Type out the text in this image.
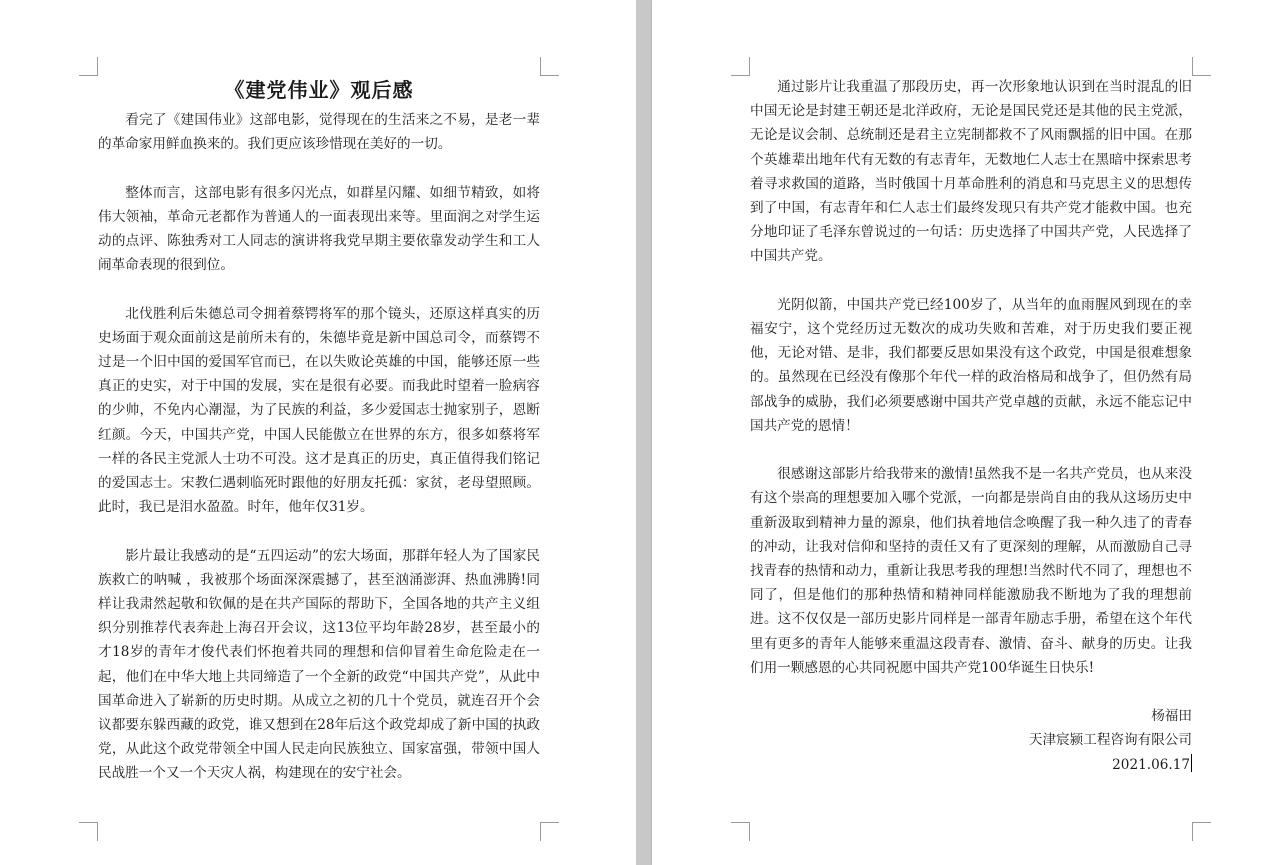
《建党伟业》观后感

看完了《建国伟业》这部电影，觉得现在的生活来之不易，是老一辈的革命家用鲜血换来的。我们更应该珍惜现在美好的一切。

整体而言，这部电影有很多闪光点，如群星闪耀、如细节精致，如将伟大领袖，革命元老都作为普通人的一面表现出来等。里面润之对学生运动的点评、陈独秀对工人同志的演讲将我党早期主要依靠发动学生和工人闹革命表现的很到位。

北伐胜利后朱德总司令拥着蔡锷将军的那个镜头，还原这样真实的历史场面于观众面前这是前所未有的，朱德毕竟是新中国总司令，而蔡锷不过是一个旧中国的爱国军官而已，在以失败论英雄的中国，能够还原一些真正的史实，对于中国的发展，实在是很有必要。而我此时望着一脸病容的少帅，不免内心潮湿，为了民族的利益，多少爱国志士抛家别子，恩断红颜。今天，中国共产党，中国人民能傲立在世界的东方，很多如蔡将军一样的各民主党派人士功不可没。这才是真正的历史，真正值得我们铭记的爱国志士。宋教仁遇刺临死时跟他的好朋友托孤：家贫，老母望照顾。此时，我已是泪水盈盈。时年，他年仅31岁。

影片最让我感动的是“五四运动”的宏大场面，那群年轻人为了国家民族救亡的呐喊 ，我被那个场面深深震撼了，甚至汹涌澎湃、热血沸腾!同样让我肃然起敬和钦佩的是在共产国际的帮助下，全国各地的共产主义组织分别推荐代表奔赴上海召开会议，这13位平均年龄28岁，甚至最小的才18岁的青年才俊代表们怀抱着共同的理想和信仰冒着生命危险走在一起，他们在中华大地上共同缔造了一个全新的政党“中国共产党”，从此中国革命进入了崭新的历史时期。从成立之初的几十个党员，就连召开个会议都要东躲西藏的政党，谁又想到在28年后这个政党却成了新中国的执政党，从此这个政党带领全中国人民走向民族独立、国家富强，带领中国人民战胜一个又一个天灾人祸，构建现在的安宁社会。

通过影片让我重温了那段历史，再一次形象地认识到在当时混乱的旧中国无论是封建王朝还是北洋政府，无论是国民党还是其他的民主党派，无论是议会制、总统制还是君主立宪制都救不了风雨飘摇的旧中国。在那个英雄辈出地年代有无数的有志青年，无数地仁人志士在黑暗中探索思考着寻求救国的道路，当时俄国十月革命胜利的消息和马克思主义的思想传到了中国，有志青年和仁人志士们最终发现只有共产党才能救中国。也充分地印证了毛泽东曾说过的一句话：历史选择了中国共产党，人民选择了中国共产党。

光阴似箭，中国共产党已经100岁了，从当年的血雨腥风到现在的幸福安宁，这个党经历过无数次的成功失败和苦难，对于历史我们要正视他，无论对错、是非，我们都要反思如果没有这个政党，中国是很难想象的。虽然现在已经没有像那个年代一样的政治格局和战争了，但仍然有局部战争的威胁，我们必须要感谢中国共产党卓越的贡献，永远不能忘记中国共产党的恩情！

很感谢这部影片给我带来的激情!虽然我不是一名共产党员，也从来没有这个崇高的理想要加入哪个党派，一向都是崇尚自由的我从这场历史中重新汲取到精神力量的源泉，他们执着地信念唤醒了我一种久违了的青春的冲动，让我对信仰和坚持的责任又有了更深刻的理解，从而激励自己寻找青春的热情和动力，重新让我思考我的理想!当然时代不同了，理想也不同了，但是他们的那种热情和精神同样能激励我不断地为了我的理想前进。这不仅仅是一部历史影片同样是一部青年励志手册，希望在这个年代里有更多的青年人能够来重温这段青春、激情、奋斗、献身的历史。让我们用一颗感恩的心共同祝愿中国共产党100华诞生日快乐!

杨福田

天津宸颍工程咨询有限公司

2021.06.17
